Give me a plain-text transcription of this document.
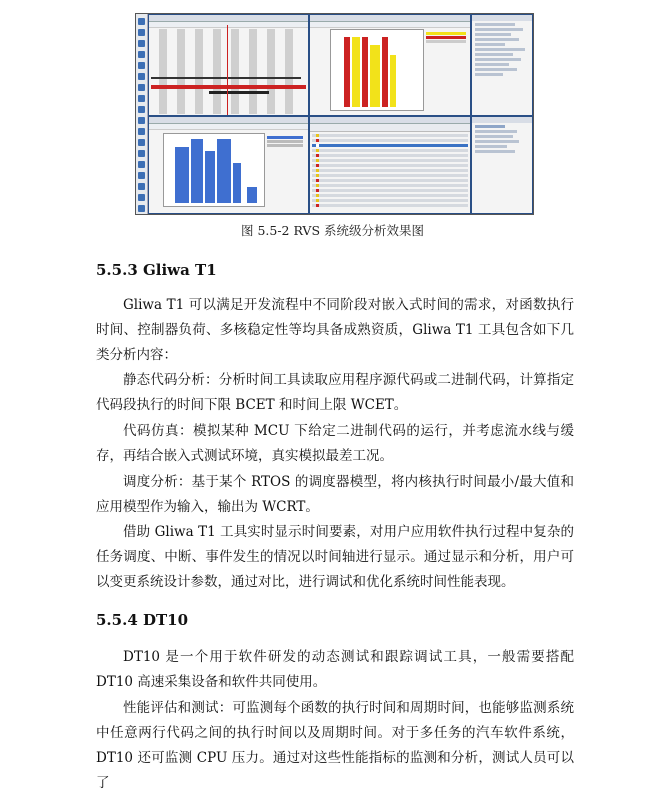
图 5.5-2 RVS 系统级分析效果图
5.5.3 Gliwa T1

Gliwa T1 可以满足开发流程中不同阶段对嵌入式时间的需求，对函数执行时间、控制器负荷、多核稳定性等均具备成熟资质，Gliwa T1 工具包含如下几类分析内容：

静态代码分析：分析时间工具读取应用程序源代码或二进制代码，计算指定代码段执行的时间下限 BCET 和时间上限 WCET。

代码仿真：模拟某种 MCU 下给定二进制代码的运行，并考虑流水线与缓存，再结合嵌入式测试环境，真实模拟最差工况。

调度分析：基于某个 RTOS 的调度器模型，将内核执行时间最小/最大值和应用模型作为输入，输出为 WCRT。

借助 Gliwa T1 工具实时显示时间要素，对用户应用软件执行过程中复杂的任务调度、中断、事件发生的情况以时间轴进行显示。通过显示和分析，用户可以变更系统设计参数，通过对比，进行调试和优化系统时间性能表现。

5.5.4 DT10

DT10 是一个用于软件研发的动态测试和跟踪调试工具，一般需要搭配 DT10 高速采集设备和软件共同使用。

性能评估和测试：可监测每个函数的执行时间和周期时间，也能够监测系统中任意两行代码之间的执行时间以及周期时间。对于多任务的汽车软件系统，DT10 还可监测 CPU 压力。通过对这些性能指标的监测和分析，测试人员可以了
